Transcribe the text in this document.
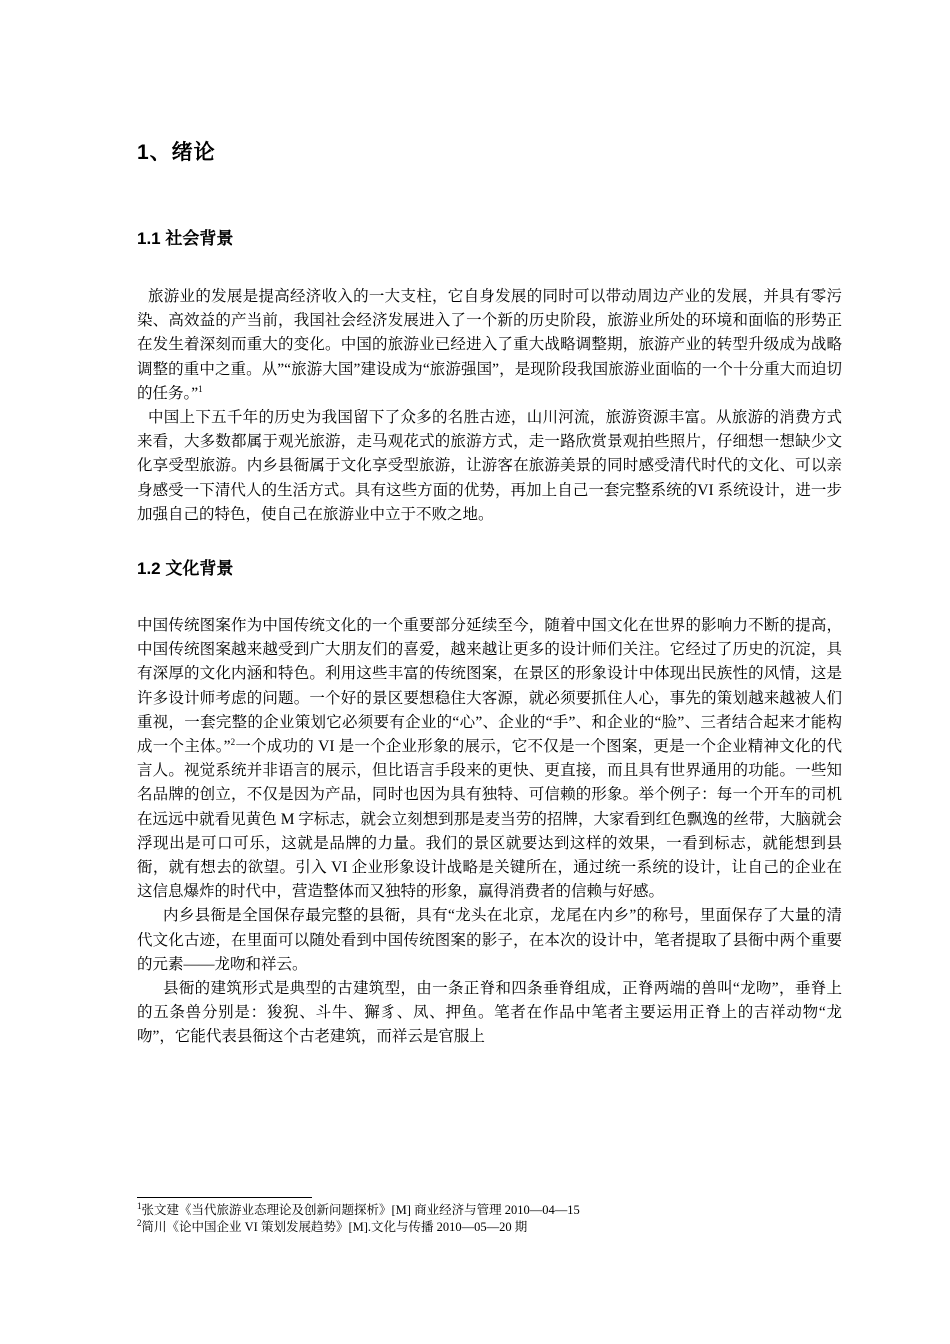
1、绪论
1.1 社会背景

旅游业的发展是提高经济收入的一大支柱，它自身发展的同时可以带动周边产业的发展，并具有零污染、高效益的产当前，我国社会经济发展进入了一个新的历史阶段，旅游业所处的环境和面临的形势正在发生着深刻而重大的变化。中国的旅游业已经进入了重大战略调整期，旅游产业的转型升级成为战略调整的重中之重。从”“旅游大国”建设成为“旅游强国”，是现阶段我国旅游业面临的一个十分重大而迫切的任务。”$^1$

中国上下五千年的历史为我国留下了众多的名胜古迹，山川河流，旅游资源丰富。从旅游的消费方式来看，大多数都属于观光旅游，走马观花式的旅游方式，走一路欣赏景观拍些照片，仔细想一想缺少文化享受型旅游。内乡县衙属于文化享受型旅游，让游客在旅游美景的同时感受清代时代的文化、可以亲身感受一下清代人的生活方式。具有这些方面的优势，再加上自己一套完整系统的VI 系统设计，进一步加强自己的特色，使自己在旅游业中立于不败之地。

1.2 文化背景

中国传统图案作为中国传统文化的一个重要部分延续至今，随着中国文化在世界的影响力不断的提高，中国传统图案越来越受到广大朋友们的喜爱，越来越让更多的设计师们关注。它经过了历史的沉淀，具有深厚的文化内涵和特色。利用这些丰富的传统图案，在景区的形象设计中体现出民族性的风情，这是许多设计师考虑的问题。一个好的景区要想稳住大客源，就必须要抓住人心，事先的策划越来越被人们重视，一套完整的企业策划它必须要有企业的“心”、企业的“手”、和企业的“脸”、三者结合起来才能构成一个主体。”$^2$一个成功的 VI 是一个企业形象的展示，它不仅是一个图案，更是一个企业精神文化的代言人。视觉系统并非语言的展示，但比语言手段来的更快、更直接，而且具有世界通用的功能。一些知名品牌的创立，不仅是因为产品，同时也因为具有独特、可信赖的形象。举个例子：每一个开车的司机在远远中就看见黄色 M 字标志，就会立刻想到那是麦当劳的招牌，大家看到红色飘逸的丝带，大脑就会浮现出是可口可乐，这就是品牌的力量。我们的景区就要达到这样的效果，一看到标志，就能想到县衙，就有想去的欲望。引入 VI 企业形象设计战略是关键所在，通过统一系统的设计，让自己的企业在这信息爆炸的时代中，营造整体而又独特的形象，赢得消费者的信赖与好感。

内乡县衙是全国保存最完整的县衙，具有“龙头在北京，龙尾在内乡”的称号，里面保存了大量的清代文化古迹，在里面可以随处看到中国传统图案的影子，在本次的设计中，笔者提取了县衙中两个重要的元素——龙吻和祥云。

县衙的建筑形式是典型的古建筑型，由一条正脊和四条垂脊组成，正脊两端的兽叫“龙吻”，垂脊上的五条兽分别是：狻猊、斗牛、獬豸、凤、押鱼。笔者在作品中笔者主要运用正脊上的吉祥动物“龙吻”，它能代表县衙这个古老建筑，而祥云是官服上

$^1$张文建《当代旅游业态理论及创新问题探析》[M] 商业经济与管理 2010—04—15
$^2$简川《论中国企业 VI 策划发展趋势》[M].文化与传播 2010—05—20 期
